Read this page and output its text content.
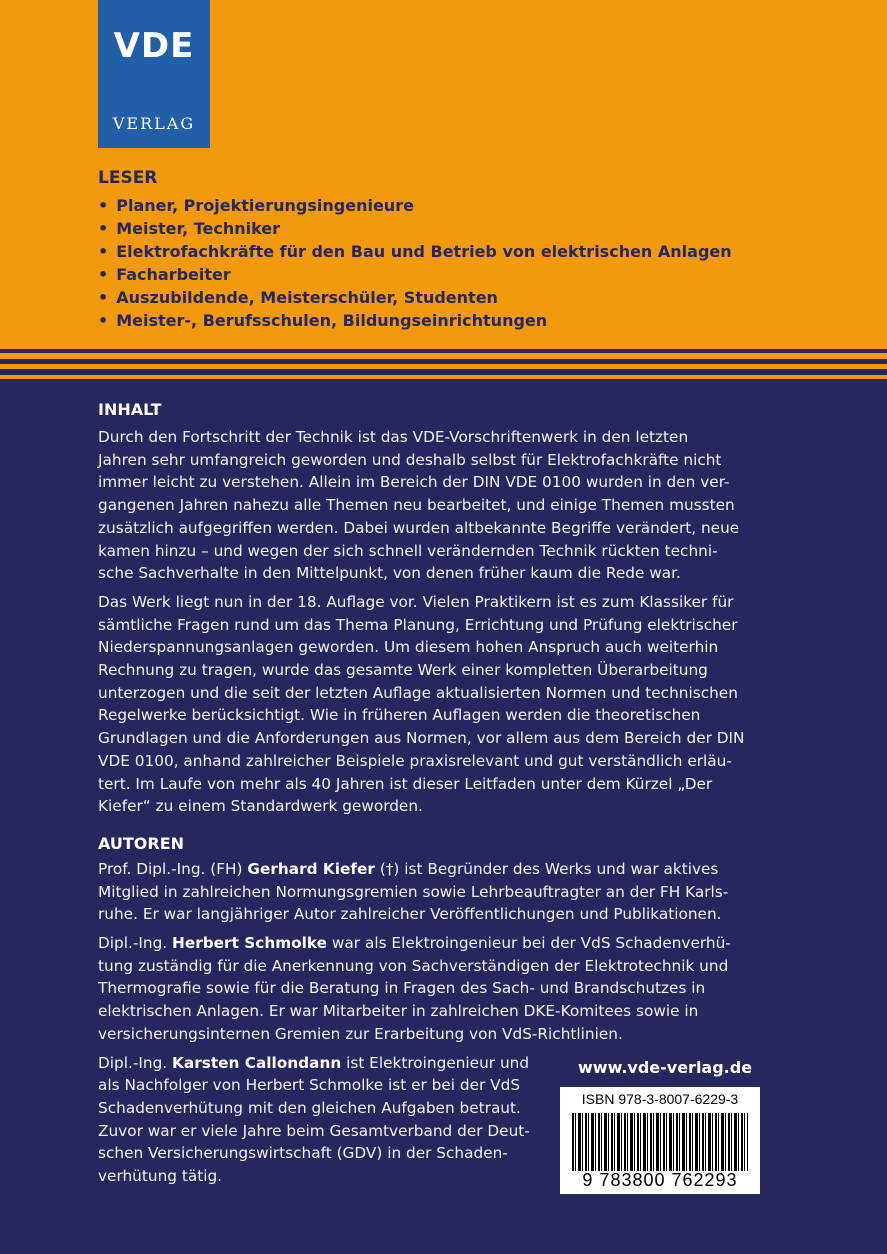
VDE
VERLAG
LESER
• Planer, Projektierungsingenieure
• Meister, Techniker
• Elektrofachkräfte für den Bau und Betrieb von elektrischen Anlagen
• Facharbeiter
• Auszubildende, Meisterschüler, Studenten
• Meister-, Berufsschulen, Bildungseinrichtungen
INHALT

Durch den Fortschritt der Technik ist das VDE-Vorschriftenwerk in den letzten
Jahren sehr umfangreich geworden und deshalb selbst für Elektrofachkräfte nicht
immer leicht zu verstehen. Allein im Bereich der DIN VDE 0100 wurden in den ver-
gangenen Jahren nahezu alle Themen neu bearbeitet, und einige Themen mussten
zusätzlich aufgegriffen werden. Dabei wurden altbekannte Begriffe verändert, neue
kamen hinzu – und wegen der sich schnell verändernden Technik rückten techni-
sche Sachverhalte in den Mittelpunkt, von denen früher kaum die Rede war.

Das Werk liegt nun in der 18. Auflage vor. Vielen Praktikern ist es zum Klassiker für
sämtliche Fragen rund um das Thema Planung, Errichtung und Prüfung elektrischer
Niederspannungsanlagen geworden. Um diesem hohen Anspruch auch weiterhin
Rechnung zu tragen, wurde das gesamte Werk einer kompletten Überarbeitung
unterzogen und die seit der letzten Auflage aktualisierten Normen und technischen
Regelwerke berücksichtigt. Wie in früheren Auflagen werden die theoretischen
Grundlagen und die Anforderungen aus Normen, vor allem aus dem Bereich der DIN
VDE 0100, anhand zahlreicher Beispiele praxisrelevant und gut verständlich erläu-
tert. Im Laufe von mehr als 40 Jahren ist dieser Leitfaden unter dem Kürzel „Der
Kiefer“ zu einem Standardwerk geworden.

AUTOREN

Prof. Dipl.-Ing. (FH) Gerhard Kiefer (†) ist Begründer des Werks und war aktives
Mitglied in zahlreichen Normungsgremien sowie Lehrbeauftragter an der FH Karls-
ruhe. Er war langjähriger Autor zahlreicher Veröffentlichungen und Publikationen.

Dipl.-Ing. Herbert Schmolke war als Elektroingenieur bei der VdS Schadenverhü-
tung zuständig für die Anerkennung von Sachverständigen der Elektrotechnik und
Thermografie sowie für die Beratung in Fragen des Sach- und Brandschutzes in
elektrischen Anlagen. Er war Mitarbeiter in zahlreichen DKE-Komitees sowie in
versicherungsinternen Gremien zur Erarbeitung von VdS-Richtlinien.

Dipl.-Ing. Karsten Callondann ist Elektroingenieur und
als Nachfolger von Herbert Schmolke ist er bei der VdS
Schadenverhütung mit den gleichen Aufgaben betraut.
Zuvor war er viele Jahre beim Gesamtverband der Deut-
schen Versicherungswirtschaft (GDV) in der Schaden-
verhütung tätig.

www.vde-verlag.de
ISBN 978-3-8007-6229-3
9 783800 762293
